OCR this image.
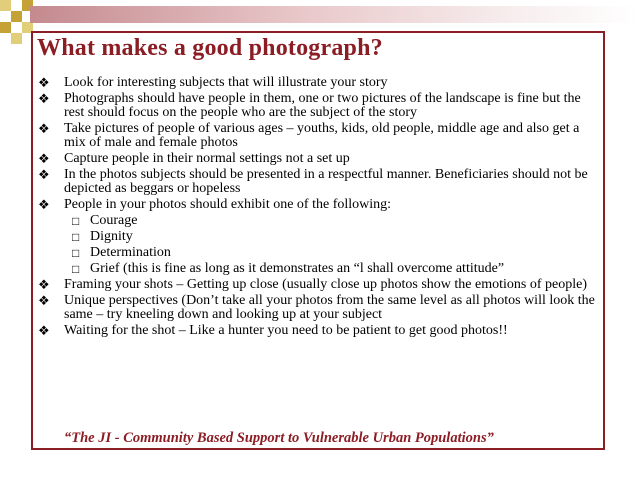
What makes a good photograph?
❖ Look for interesting subjects that will illustrate your story
❖ Photographs should have people in them, one or two pictures of the landscape is fine but the rest should focus on the people who are the subject of the story
❖ Take pictures of people of various ages – youths, kids, old people, middle age and also get a mix of male and female photos
❖ Capture people in their normal settings not a set up
❖ In the photos subjects should be presented in a respectful manner. Beneficiaries should not be depicted as beggars or hopeless
❖ People in your photos should exhibit one of the following:
□ Courage
□ Dignity
□ Determination
□ Grief (this is fine as long as it demonstrates an “l shall overcome attitude”
❖ Framing your shots – Getting up close (usually close up photos show the emotions of people)
❖ Unique perspectives (Don’t take all your photos from the same level as all photos will look the same – try kneeling down and looking up at your subject
❖ Waiting for the shot – Like a hunter you need to be patient to get good photos!!
“The JI - Community Based Support to Vulnerable Urban Populations”
